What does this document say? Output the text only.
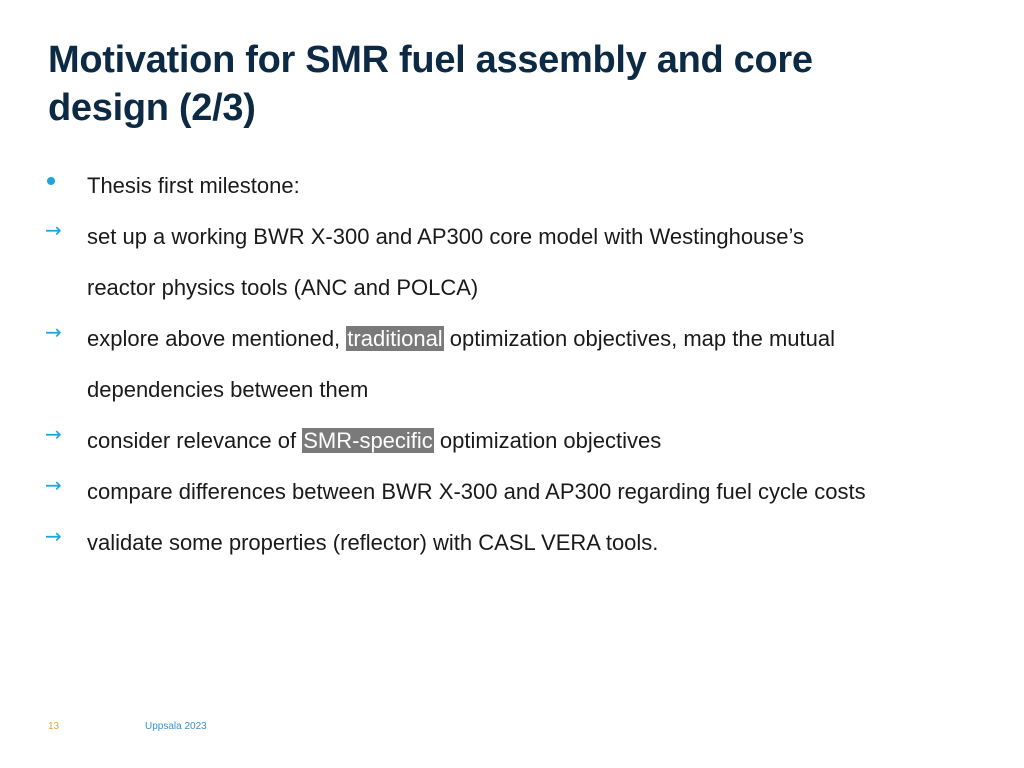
Motivation for SMR fuel assembly and core
design (2/3)
Thesis first milestone:
→ set up a working BWR X-300 and AP300 core model with Westinghouse’s
reactor physics tools (ANC and POLCA)
→ explore above mentioned, traditional optimization objectives, map the mutual
dependencies between them
→ consider relevance of SMR-specific optimization objectives
→ compare differences between BWR X-300 and AP300 regarding fuel cycle costs
→ validate some properties (reflector) with CASL VERA tools.
13	Uppsala 2023
